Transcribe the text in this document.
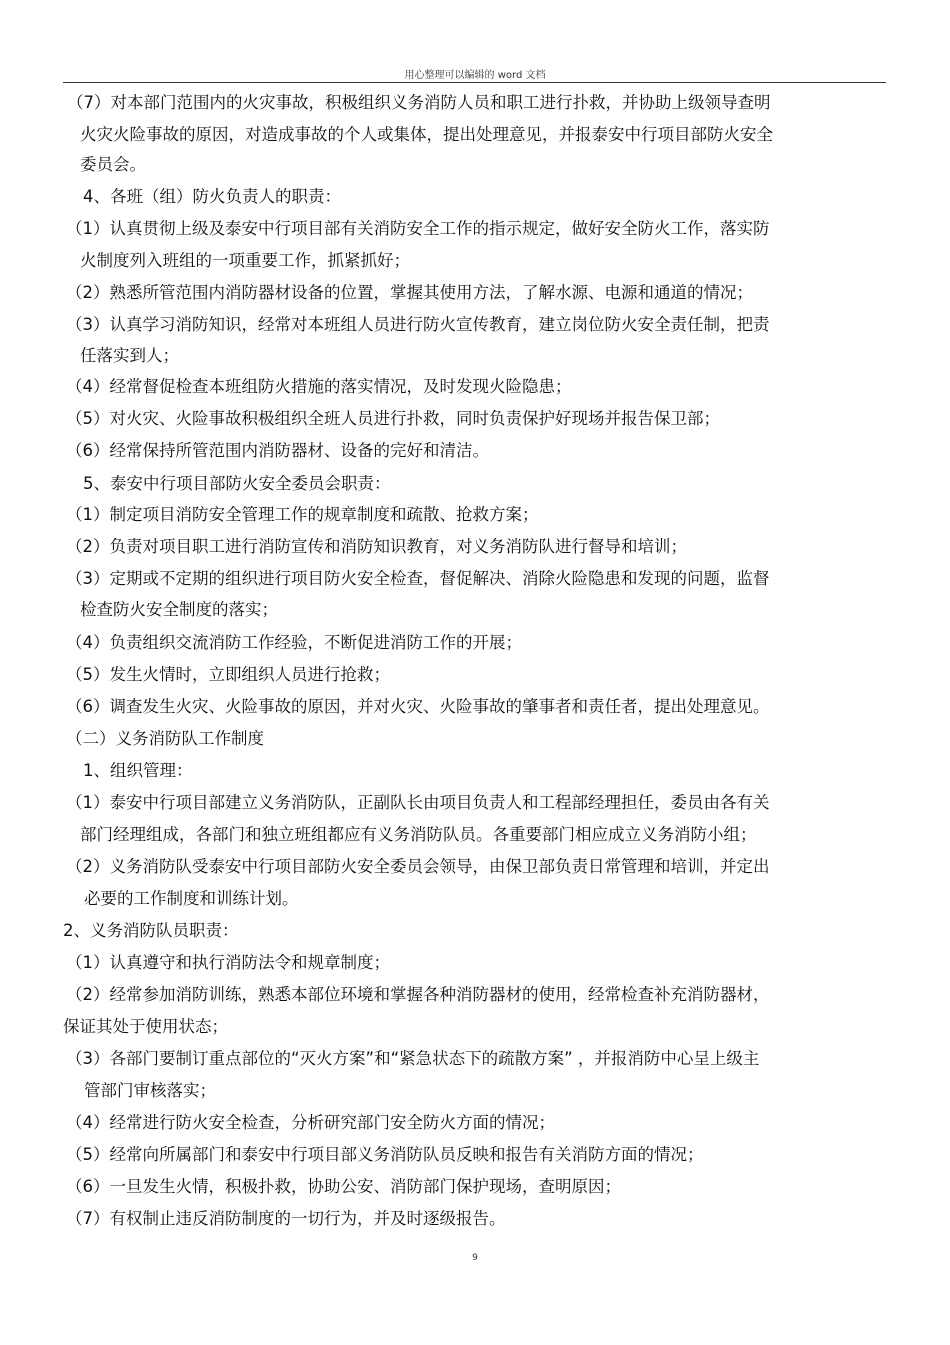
用心整理可以编辑的 word 文档
（7）对本部门范围内的火灾事故，积极组织义务消防人员和职工进行扑救，并协助上级领导查明
火灾火险事故的原因，对造成事故的个人或集体，提出处理意见，并报泰安中行项目部防火安全
委员会。
4、各班（组）防火负责人的职责：
（1）认真贯彻上级及泰安中行项目部有关消防安全工作的指示规定，做好安全防火工作，落实防
火制度列入班组的一项重要工作，抓紧抓好；
（2）熟悉所管范围内消防器材设备的位置，掌握其使用方法，了解水源、电源和通道的情况；
（3）认真学习消防知识，经常对本班组人员进行防火宣传教育，建立岗位防火安全责任制，把责
任落实到人；
（4）经常督促检查本班组防火措施的落实情况，及时发现火险隐患；
（5）对火灾、火险事故积极组织全班人员进行扑救，同时负责保护好现场并报告保卫部；
（6）经常保持所管范围内消防器材、设备的完好和清洁。
5、泰安中行项目部防火安全委员会职责：
（1）制定项目消防安全管理工作的规章制度和疏散、抢救方案；
（2）负责对项目职工进行消防宣传和消防知识教育，对义务消防队进行督导和培训；
（3）定期或不定期的组织进行项目防火安全检查，督促解决、消除火险隐患和发现的问题，监督
检查防火安全制度的落实；
（4）负责组织交流消防工作经验，不断促进消防工作的开展；
（5）发生火情时，立即组织人员进行抢救；
（6）调查发生火灾、火险事故的原因，并对火灾、火险事故的肇事者和责任者，提出处理意见。
（二）义务消防队工作制度
1、组织管理：
（1）泰安中行项目部建立义务消防队，正副队长由项目负责人和工程部经理担任，委员由各有关
部门经理组成，各部门和独立班组都应有义务消防队员。各重要部门相应成立义务消防小组；
（2）义务消防队受泰安中行项目部防火安全委员会领导，由保卫部负责日常管理和培训，并定出
必要的工作制度和训练计划。
2、义务消防队员职责：
（1）认真遵守和执行消防法令和规章制度；
（2）经常参加消防训练，熟悉本部位环境和掌握各种消防器材的使用，经常检查补充消防器材，
保证其处于使用状态；
（3）各部门要制订重点部位的“灭火方案”和“紧急状态下的疏散方案” ，并报消防中心呈上级主
管部门审核落实；
（4）经常进行防火安全检查，分析研究部门安全防火方面的情况；
（5）经常向所属部门和泰安中行项目部义务消防队员反映和报告有关消防方面的情况；
（6）一旦发生火情，积极扑救，协助公安、消防部门保护现场，查明原因；
（7）有权制止违反消防制度的一切行为，并及时逐级报告。
9
